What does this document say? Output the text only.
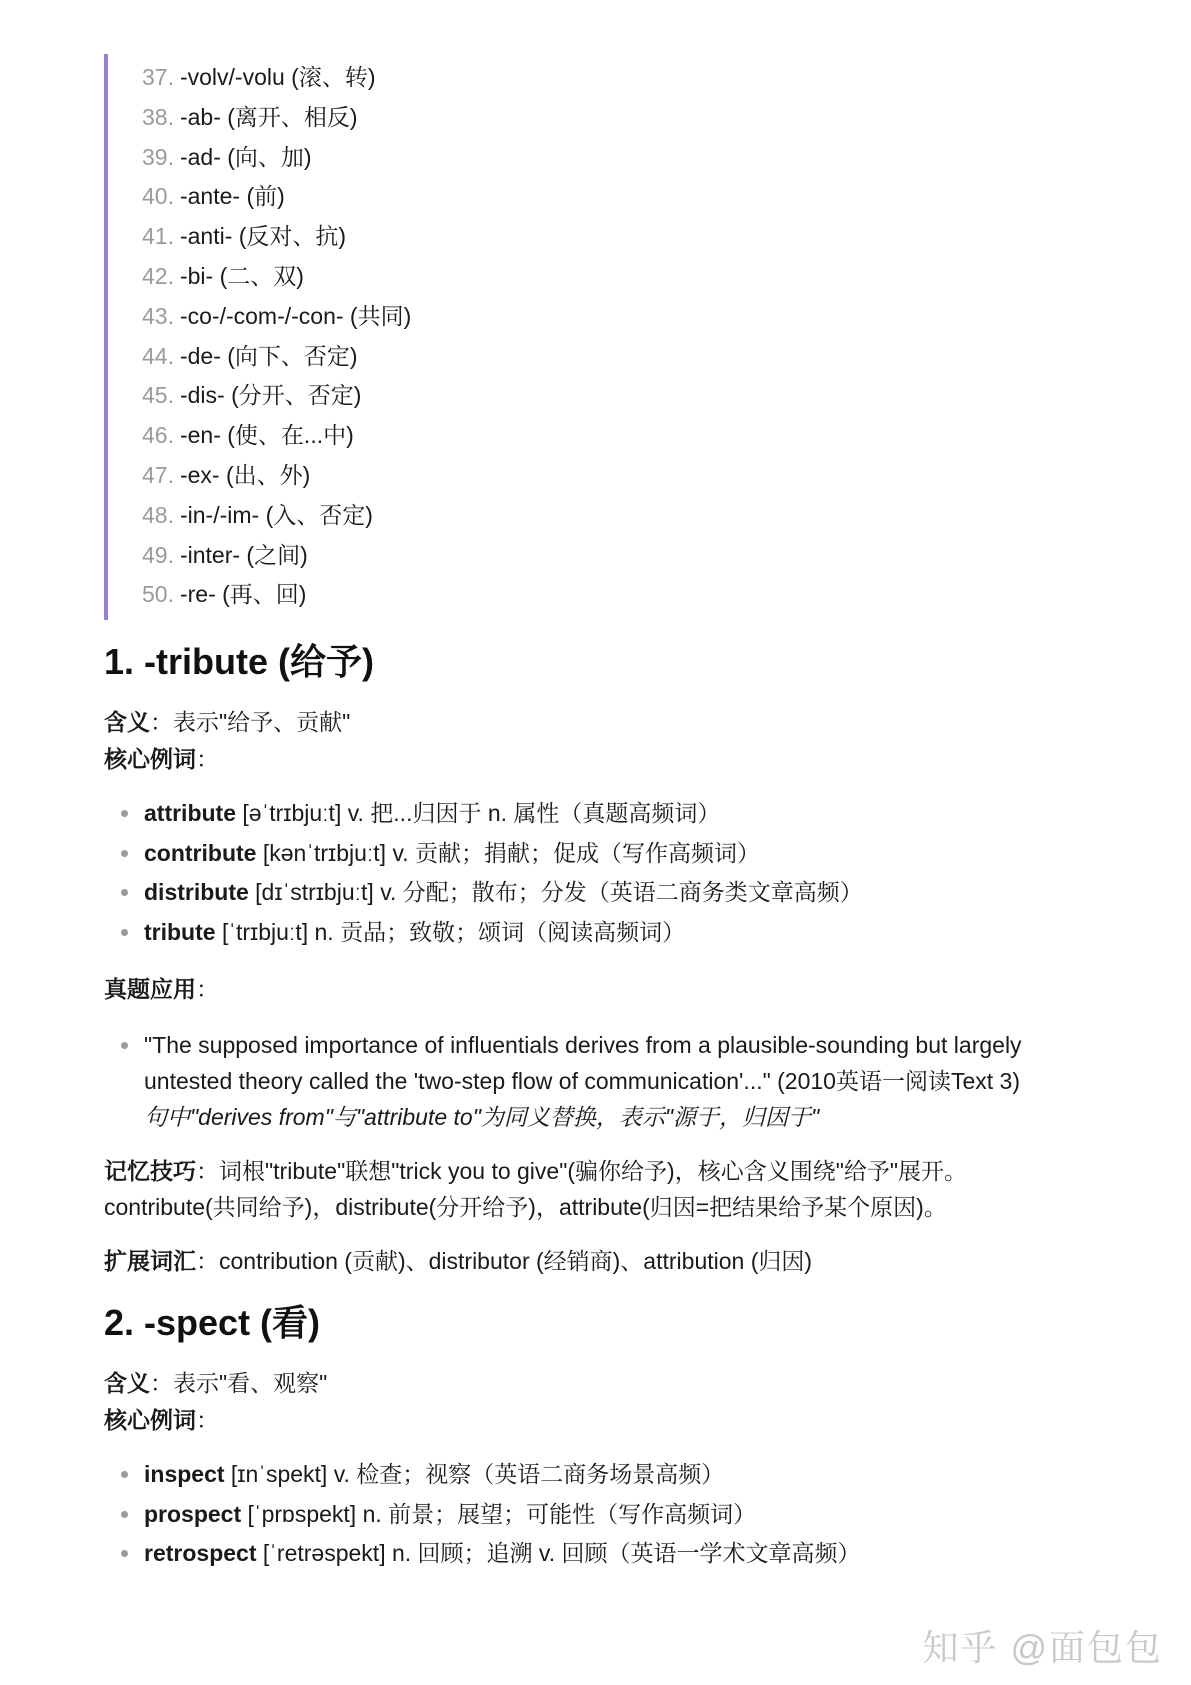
37. -volv/-volu (滚、转)
38. -ab- (离开、相反)
39. -ad- (向、加)
40. -ante- (前)
41. -anti- (反对、抗)
42. -bi- (二、双)
43. -co-/-com-/-con- (共同)
44. -de- (向下、否定)
45. -dis- (分开、否定)
46. -en- (使、在...中)
47. -ex- (出、外)
48. -in-/-im- (入、否定)
49. -inter- (之间)
50. -re- (再、回)
1. -tribute (给予)
含义：表示"给予、贡献"
核心例词：
attribute [əˈtrɪbjuːt] v. 把...归因于 n. 属性（真题高频词）
contribute [kənˈtrɪbjuːt] v. 贡献；捐献；促成（写作高频词）
distribute [dɪˈstrɪbjuːt] v. 分配；散布；分发（英语二商务类文章高频）
tribute [ˈtrɪbjuːt] n. 贡品；致敬；颂词（阅读高频词）
真题应用：
"The supposed importance of influentials derives from a plausible-sounding but largely
untested theory called the 'two-step flow of communication'..." (2010英语一阅读Text 3)
句中"derives from"与"attribute to"为同义替换，表示"源于，归因于"
记忆技巧：词根"tribute"联想"trick you to give"(骗你给予)，核心含义围绕"给予"展开。
contribute(共同给予)，distribute(分开给予)，attribute(归因=把结果给予某个原因)。
扩展词汇：contribution (贡献)、distributor (经销商)、attribution (归因)
2. -spect (看)
含义：表示"看、观察"
核心例词：
inspect [ɪnˈspekt] v. 检查；视察（英语二商务场景高频）
prospect [ˈprɒspekt] n. 前景；展望；可能性（写作高频词）
retrospect [ˈretrəspekt] n. 回顾；追溯 v. 回顾（英语一学术文章高频）
知乎 @面包包
